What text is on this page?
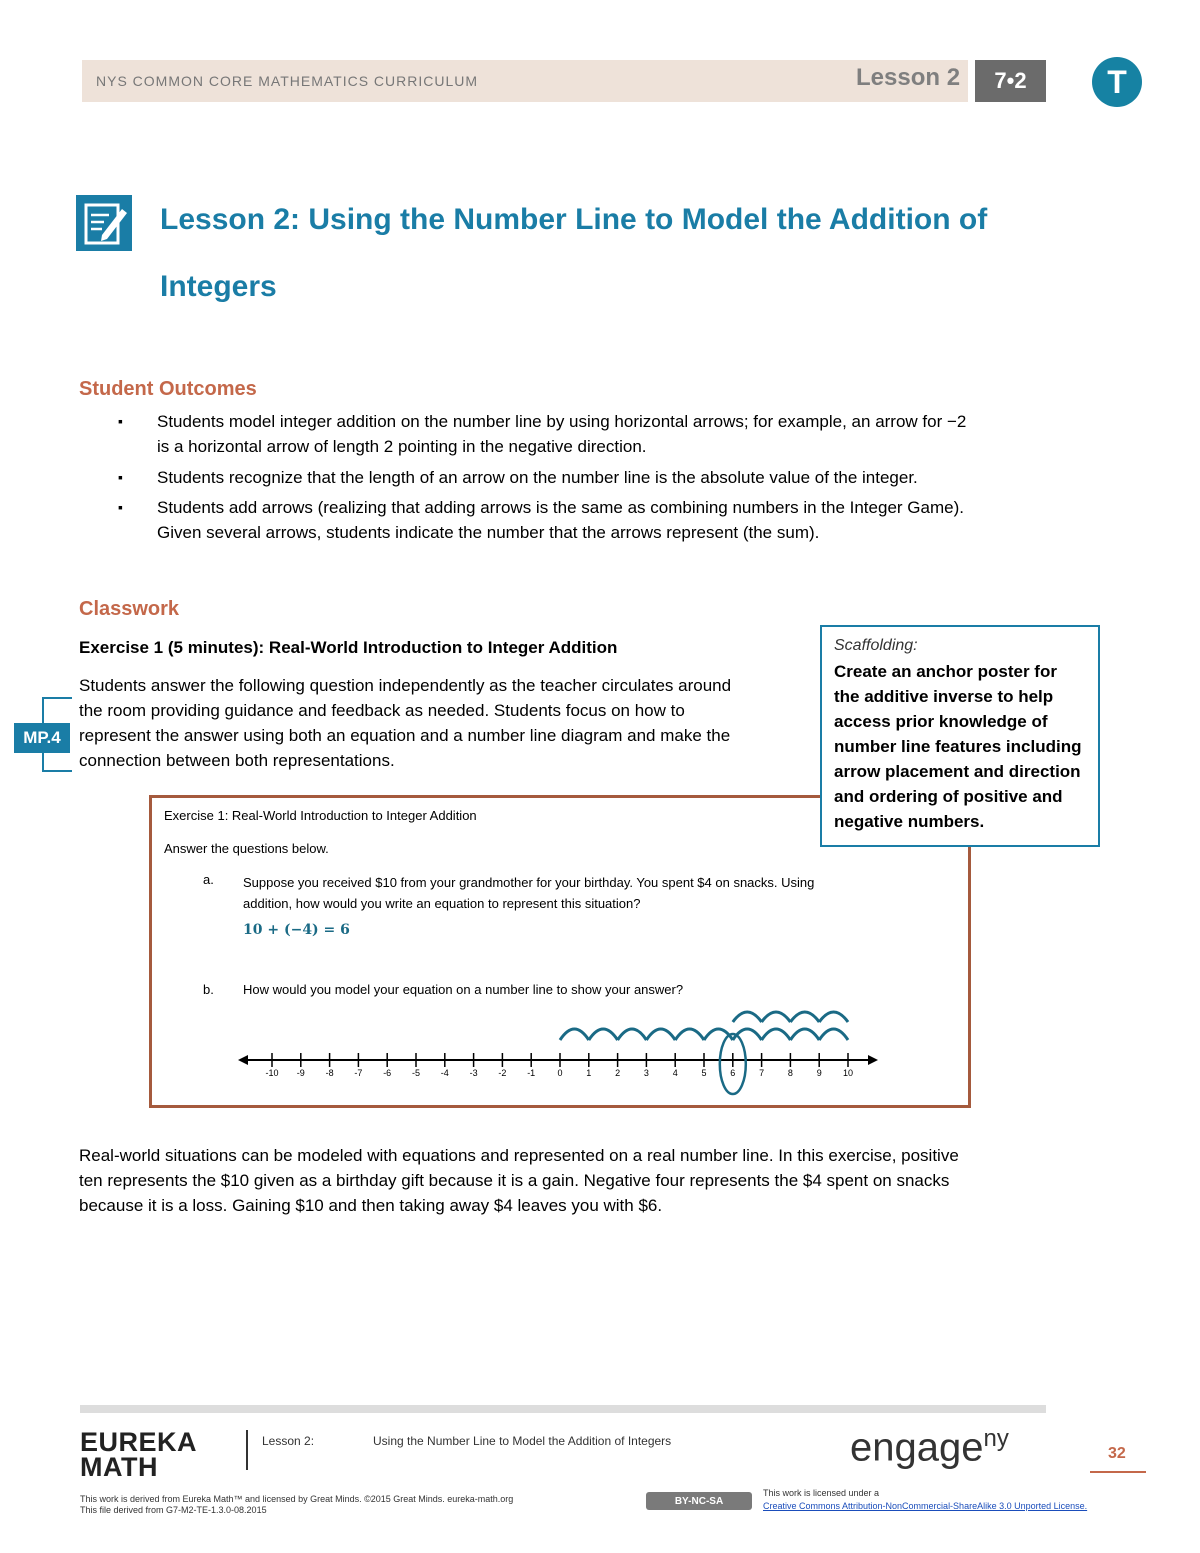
NYS COMMON CORE MATHEMATICS CURRICULUM	Lesson 2	7•2	T
Lesson 2: Using the Number Line to Model the Addition of
Integers
Student Outcomes
▪ Students model integer addition on the number line by using horizontal arrows; for example, an arrow for −2
is a horizontal arrow of length 2 pointing in the negative direction.
▪ Students recognize that the length of an arrow on the number line is the absolute value of the integer.
▪ Students add arrows (realizing that adding arrows is the same as combining numbers in the Integer Game).
Given several arrows, students indicate the number that the arrows represent (the sum).
Classwork
Exercise 1 (5 minutes): Real-World Introduction to Integer Addition
Students answer the following question independently as the teacher circulates around
the room providing guidance and feedback as needed. Students focus on how to
represent the answer using both an equation and a number line diagram and make the
connection between both representations.
MP.4
Exercise 1: Real-World Introduction to Integer Addition
Answer the questions below.
a. Suppose you received $10 from your grandmother for your birthday. You spent $4 on snacks. Using
addition, how would you write an equation to represent this situation?
10 + (−4) = 6
b. How would you model your equation on a number line to show your answer?
-10 -9 -8 -7 -6 -5 -4 -3 -2 -1 0	1	2	3	4	5	6	7	8	9 10
Scaffolding:
Create an anchor poster for the additive inverse to help access prior knowledge of number line features including arrow placement and direction and ordering of positive and negative numbers.
Real-world situations can be modeled with equations and represented on a real number line. In this exercise, positive
ten represents the $10 given as a birthday gift because it is a gain. Negative four represents the $4 spent on snacks
because it is a loss. Gaining $10 and then taking away $4 leaves you with $6.
EUREKA
MATH
Lesson 2:	Using the Number Line to Model the Addition of Integers	engage$^{ny}$
32
This work is derived from Eureka Math™ and licensed by Great Minds. ©2015 Great Minds. eureka-math.org
This file derived from G7-M2-TE-1.3.0-08.2015
BY-NC-SA
This work is licensed under a
Creative Commons Attribution-NonCommercial-ShareAlike 3.0 Unported License.
